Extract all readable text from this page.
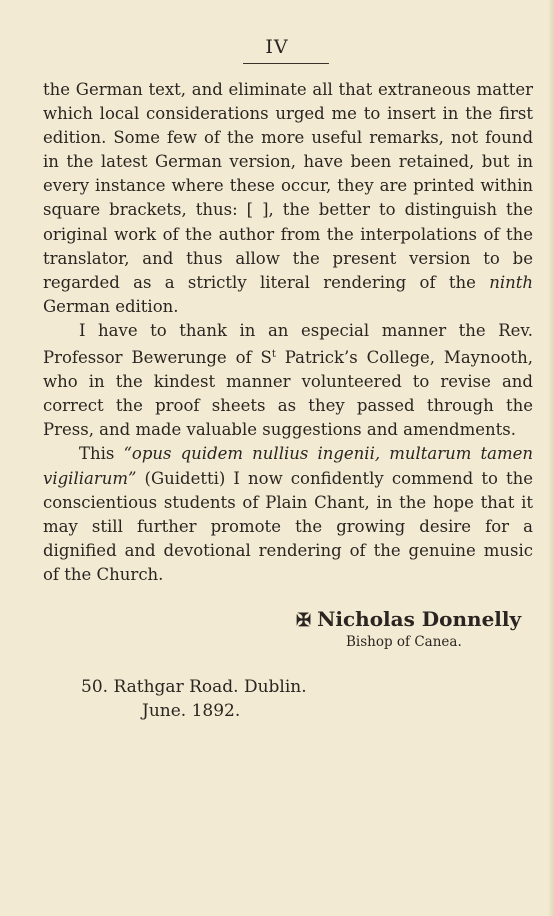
IV

the German text, and eliminate all that extraneous matter which local considerations urged me to insert in the first edition. Some few of the more useful remarks, not found in the latest German version, have been retained, but in every instance where these occur, they are printed within square brackets, thus: [ ], the better to distinguish the original work of the author from the interpolations of the translator, and thus allow the present version to be regarded as a strictly literal rendering of the ninth German edition.

I have to thank in an especial manner the Rev. Professor Bewerunge of $S^t$ Patrick’s College, Maynooth, who in the kindest manner volunteered to revise and correct the proof sheets as they passed through the Press, and made valuable suggestions and amendments.

This “opus quidem nullius ingenii, multarum tamen vigiliarum” (Guidetti) I now confidently commend to the conscientious students of Plain Chant, in the hope that it may still further promote the growing desire for a dignified and devotional rendering of the genuine music of the Church.

✠ Nicholas Donnelly
Bishop of Canea.
50. Rathgar Road. Dublin.
June. 1892.
